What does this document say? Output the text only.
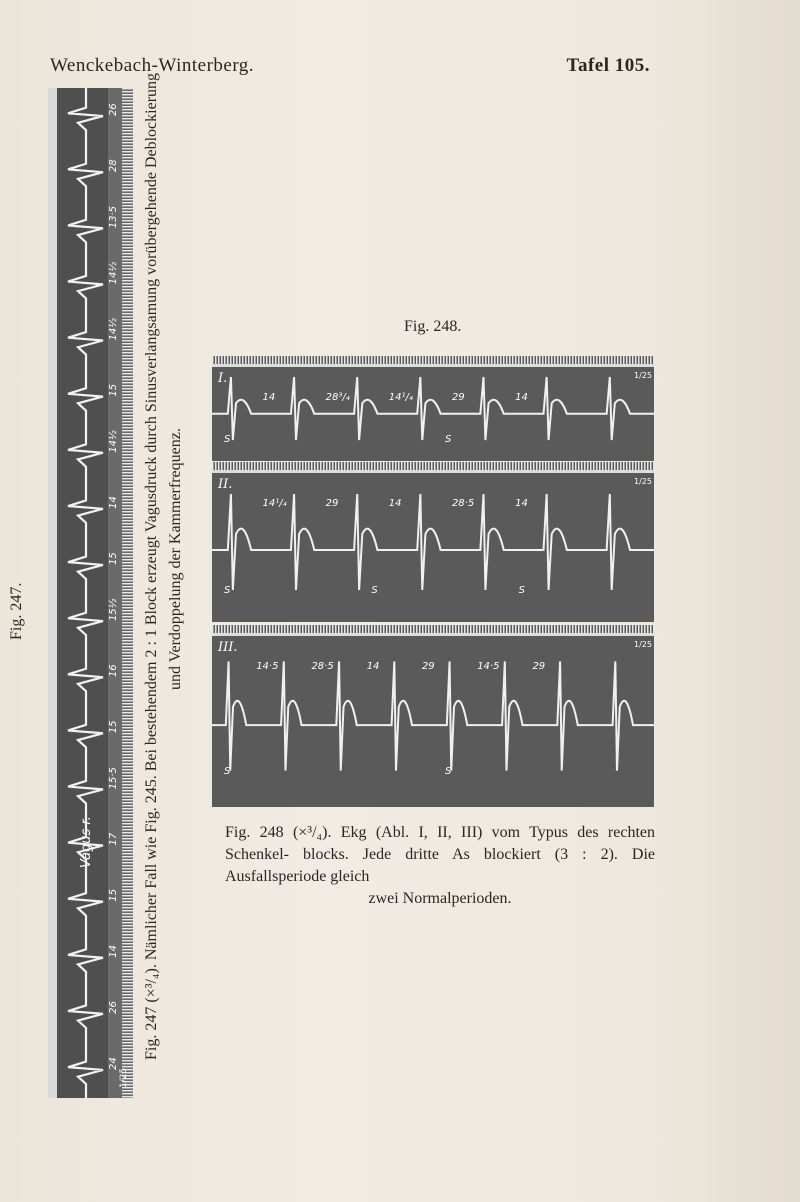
Wenckebach-Winterberg.	Tafel 105.
Fig. 247.
24
26
14
15
17
15·5
15
16
15½
15
14
14½
15
14½
14½
13·5
28
26
Vagus r.
1/25
Fig. 247 (×³/₄). Nämlicher Fall wie Fig. 245. Bei bestehendem 2 : 1 Block erzeugt Vagusdruck durch Sinusverlangsamung vorübergehende Deblockierung und Verdoppelung der Kammerfrequenz.
Fig. 248.
I.	1/25
14	28³/₄	14¹/₄	29	14
S	S
II.	1/25
14¹/₄	29	14	28·5	14
S	S	S
III.	1/25
14·5	28·5	14	29	14·5	29
S	S
Fig. 248 (×³/₄). Ekg (Abl. I, II, III) vom Typus des rechten Schenkel- blocks. Jede dritte As blockiert (3 : 2). Die Ausfallsperiode gleich
zwei Normalperioden.
